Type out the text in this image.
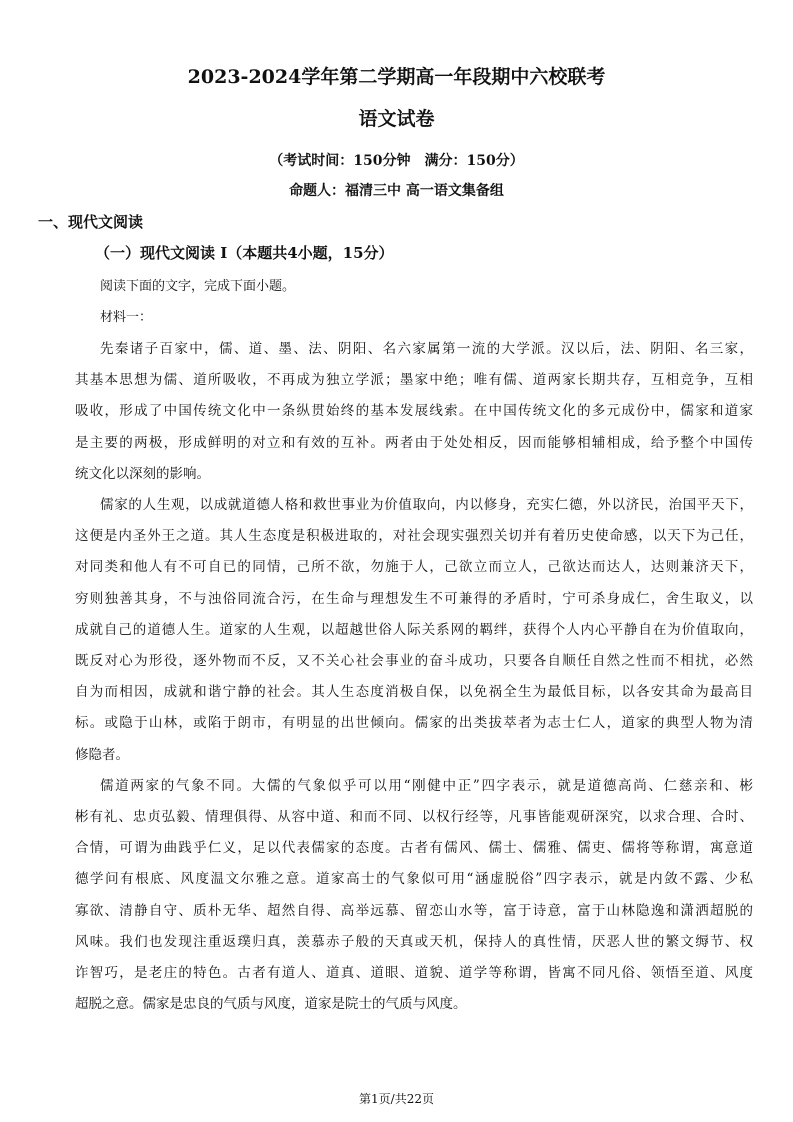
2023-2024学年第二学期高一年段期中六校联考
语文试卷
（考试时间：150分钟　满分：150分）
命题人：福清三中 高一语文集备组
一、现代文阅读
（一）现代文阅读 I（本题共4小题，15分）
阅读下面的文字，完成下面小题。
材料一：
先秦诸子百家中，儒、道、墨、法、阴阳、名六家属第一流的大学派。汉以后，法、阴阳、名三家，
其基本思想为儒、道所吸收，不再成为独立学派；墨家中绝；唯有儒、道两家长期共存，互相竞争，互相
吸收，形成了中国传统文化中一条纵贯始终的基本发展线索。在中国传统文化的多元成份中，儒家和道家
是主要的两极，形成鲜明的对立和有效的互补。两者由于处处相反，因而能够相辅相成，给予整个中国传
统文化以深刻的影响。
儒家的人生观，以成就道德人格和救世事业为价值取向，内以修身，充实仁德，外以济民，治国平天下，
这便是内圣外王之道。其人生态度是积极进取的，对社会现实强烈关切并有着历史使命感，以天下为己任，
对同类和他人有不可自已的同情，己所不欲，勿施于人，己欲立而立人，己欲达而达人，达则兼济天下，
穷则独善其身，不与浊俗同流合污，在生命与理想发生不可兼得的矛盾时，宁可杀身成仁，舍生取义，以
成就自己的道德人生。道家的人生观，以超越世俗人际关系网的羁绊，获得个人内心平静自在为价值取向，
既反对心为形役，逐外物而不反，又不关心社会事业的奋斗成功，只要各自顺任自然之性而不相扰，必然
自为而相因，成就和谐宁静的社会。其人生态度消极自保，以免祸全生为最低目标，以各安其命为最高目
标。或隐于山林，或陷于朗市，有明显的出世倾向。儒家的出类拔萃者为志士仁人，道家的典型人物为清
修隐者。
儒道两家的气象不同。大儒的气象似乎可以用“刚健中正”四字表示，就是道德高尚、仁慈亲和、彬
彬有礼、忠贞弘毅、情理俱得、从容中道、和而不同、以权行经等，凡事皆能观研深究，以求合理、合时、
合情，可谓为曲践乎仁义，足以代表儒家的态度。古者有儒风、儒士、儒雅、儒吏、儒将等称谓，寓意道
德学问有根底、风度温文尔雅之意。道家高士的气象似可用“涵虚脱俗”四字表示，就是内敛不露、少私
寡欲、清静自守、质朴无华、超然自得、高举远慕、留恋山水等，富于诗意，富于山林隐逸和潇洒超脱的
风味。我们也发现注重返璞归真，羡慕赤子般的天真或天机，保持人的真性情，厌恶人世的繁文缛节、权
诈智巧，是老庄的特色。古者有道人、道真、道眼、道貌、道学等称谓，皆寓不同凡俗、领悟至道、风度
超脱之意。儒家是忠良的气质与风度，道家是院士的气质与风度。
第1页/共22页
